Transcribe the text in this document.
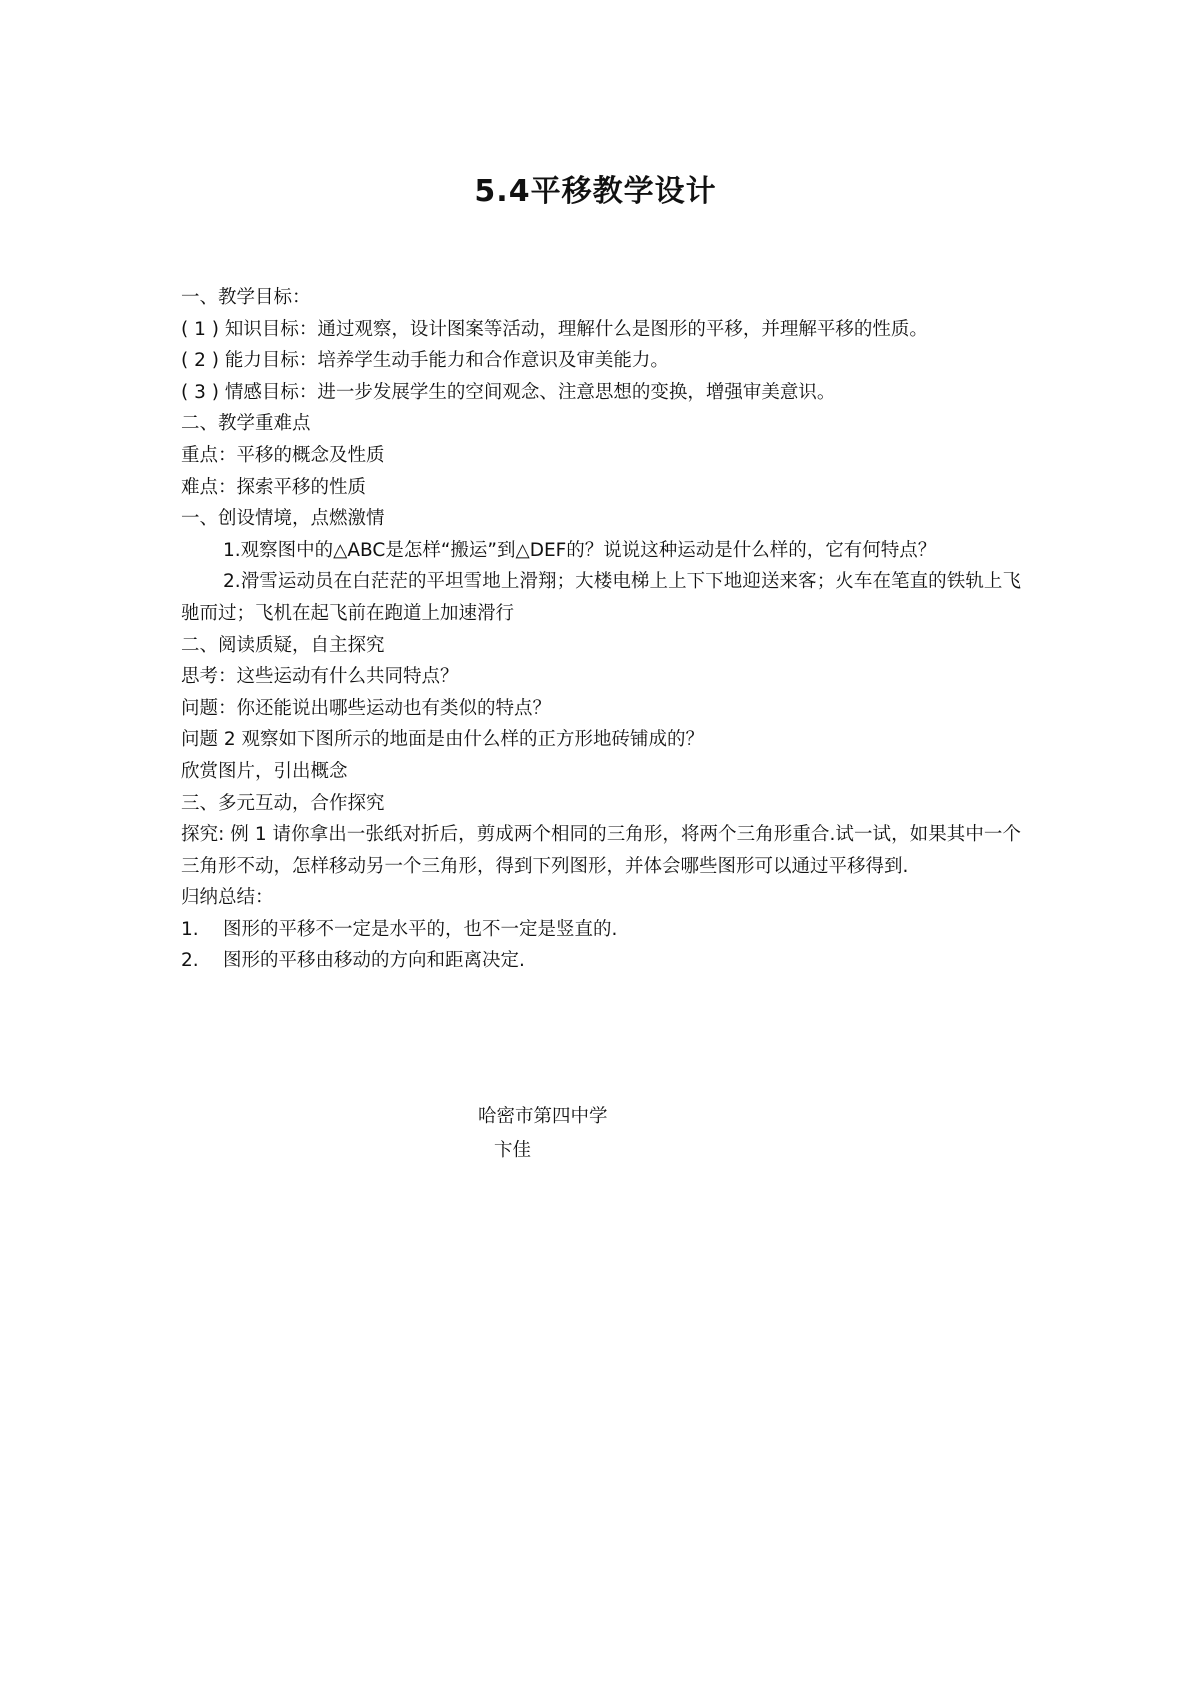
5.4平移教学设计
一、教学目标：
( 1 ) 知识目标：通过观察，设计图案等活动，理解什么是图形的平移，并理解平移的性质。
( 2 ) 能力目标：培养学生动手能力和合作意识及审美能力。
( 3 ) 情感目标：进一步发展学生的空间观念、注意思想的变换，增强审美意识。
二、教学重难点
重点：平移的概念及性质
难点：探索平移的性质
一、创设情境，点燃激情
1.观察图中的△ABC是怎样“搬运”到△DEF的？说说这种运动是什么样的，它有何特点？
2.滑雪运动员在白茫茫的平坦雪地上滑翔；大楼电梯上上下下地迎送来客；火车在笔直的铁轨上飞驰而过；飞机在起飞前在跑道上加速滑行
二、阅读质疑，自主探究
思考：这些运动有什么共同特点？
问题：你还能说出哪些运动也有类似的特点？
问题 2 观察如下图所示的地面是由什么样的正方形地砖铺成的？
欣赏图片，引出概念
三、多元互动，合作探究
探究: 例 1 请你拿出一张纸对折后，剪成两个相同的三角形，将两个三角形重合.试一试，如果其中一个三角形不动，怎样移动另一个三角形，得到下列图形，并体会哪些图形可以通过平移得到.
归纳总结：
1.	图形的平移不一定是水平的，也不一定是竖直的.
2.	图形的平移由移动的方向和距离决定.
哈密市第四中学
卞佳
